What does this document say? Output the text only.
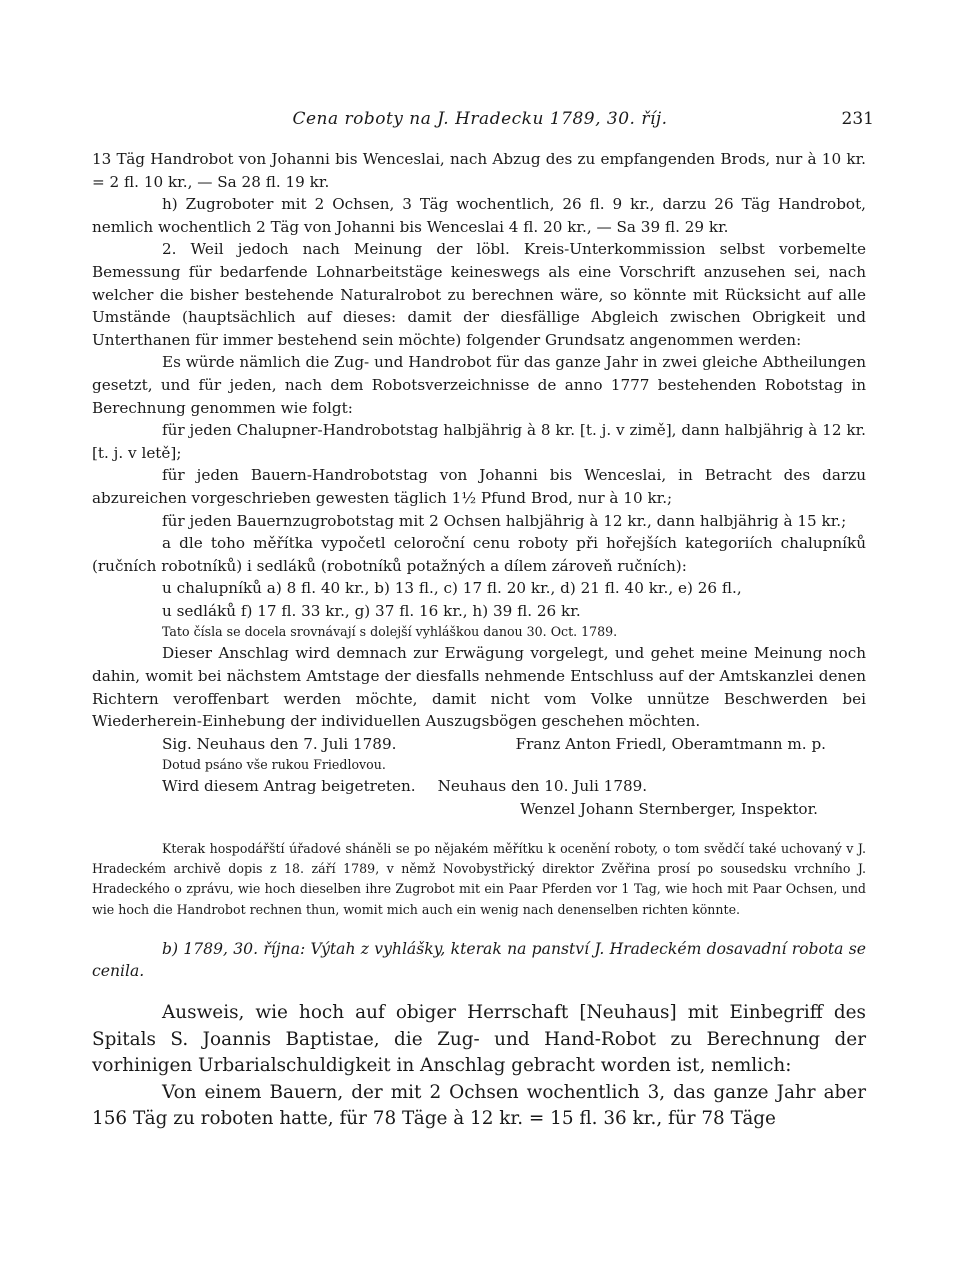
Cena roboty na J. Hradecku 1789, 30. říj.	231

13 Täg Handrobot von Johanni bis Wenceslai, nach Abzug des zu empfangenden Brods, nur à 10 kr. = 2 fl. 10 kr., — Sa 28 fl. 19 kr.

h) Zugroboter mit 2 Ochsen, 3 Täg wochentlich, 26 fl. 9 kr., darzu 26 Täg Handrobot, nemlich wochentlich 2 Täg von Johanni bis Wenceslai 4 fl. 20 kr., — Sa 39 fl. 29 kr.

2. Weil jedoch nach Meinung der löbl. Kreis-Unterkommission selbst vorbemelte Bemessung für bedarfende Lohnarbeitstäge keineswegs als eine Vorschrift anzusehen sei, nach welcher die bisher bestehende Naturalrobot zu berechnen wäre, so könnte mit Rücksicht auf alle Umstände (hauptsächlich auf dieses: damit der diesfällige Abgleich zwischen Obrigkeit und Unterthanen für immer bestehend sein möchte) folgender Grundsatz angenommen werden:

Es würde nämlich die Zug- und Handrobot für das ganze Jahr in zwei gleiche Abtheilungen gesetzt, und für jeden, nach dem Robotsverzeichnisse de anno 1777 bestehenden Robotstag in Berechnung genommen wie folgt:

für jeden Chalupner-Handrobotstag halbjährig à 8 kr. [t. j. v zimě], dann halbjährig à 12 kr. [t. j. v letě];

für jeden Bauern-Handrobotstag von Johanni bis Wenceslai, in Betracht des darzu abzureichen vorgeschrieben gewesten täglich 1½ Pfund Brod, nur à 10 kr.;

für jeden Bauernzugrobotstag mit 2 Ochsen halbjährig à 12 kr., dann halbjährig à 15 kr.;

a dle toho měřítka vypočetl celoroční cenu roboty při hořejších kategoriích chalupníků (ručních robotníků) i sedláků (robotníků potažných a dílem zároveň ručních):

u chalupníků a) 8 fl. 40 kr., b) 13 fl., c) 17 fl. 20 kr., d) 21 fl. 40 kr., e) 26 fl.,

u sedláků f) 17 fl. 33 kr., g) 37 fl. 16 kr., h) 39 fl. 26 kr.

Tato čísla se docela srovnávají s dolejší vyhláškou danou 30. Oct. 1789.

Dieser Anschlag wird demnach zur Erwägung vorgelegt, und gehet meine Meinung noch dahin, womit bei nächstem Amtstage der diesfalls nehmende Entschluss auf der Amtskanzlei denen Richtern veroffenbart werden möchte, damit nicht vom Volke unnütze Beschwerden bei Wiederherein-Einhebung der individuellen Auszugsbögen geschehen möchten.

Sig. Neuhaus den 7. Juli 1789.	Franz Anton Friedl, Oberamtmann m. p.

Dotud psáno vše rukou Friedlovou.

Wird diesem Antrag beigetreten. Neuhaus den 10. Juli 1789.

Wenzel Johann Sternberger, Inspektor.

Kterak hospodářští úřadové sháněli se po nějakém měřítku k ocenění roboty, o tom svědčí také uchovaný v J. Hradeckém archivě dopis z 18. září 1789, v němž Novobystřický direktor Zvěřina prosí po sousedsku vrchního J. Hradeckého o zprávu, wie hoch dieselben ihre Zugrobot mit ein Paar Pferden vor 1 Tag, wie hoch mit Paar Ochsen, und wie hoch die Handrobot rechnen thun, womit mich auch ein wenig nach denenselben richten könnte.

b) 1789, 30. října: Výtah z vyhlášky, kterak na panství J. Hradeckém dosavadní robota se cenila.

Ausweis, wie hoch auf obiger Herrschaft [Neuhaus] mit Einbegriff des Spitals S. Joannis Baptistae, die Zug- und Hand-Robot zu Berechnung der vorhinigen Urbarialschuldigkeit in Anschlag gebracht worden ist, nemlich:

Von einem Bauern, der mit 2 Ochsen wochentlich 3, das ganze Jahr aber 156 Täg zu roboten hatte, für 78 Täge à 12 kr. = 15 fl. 36 kr., für 78 Täge
